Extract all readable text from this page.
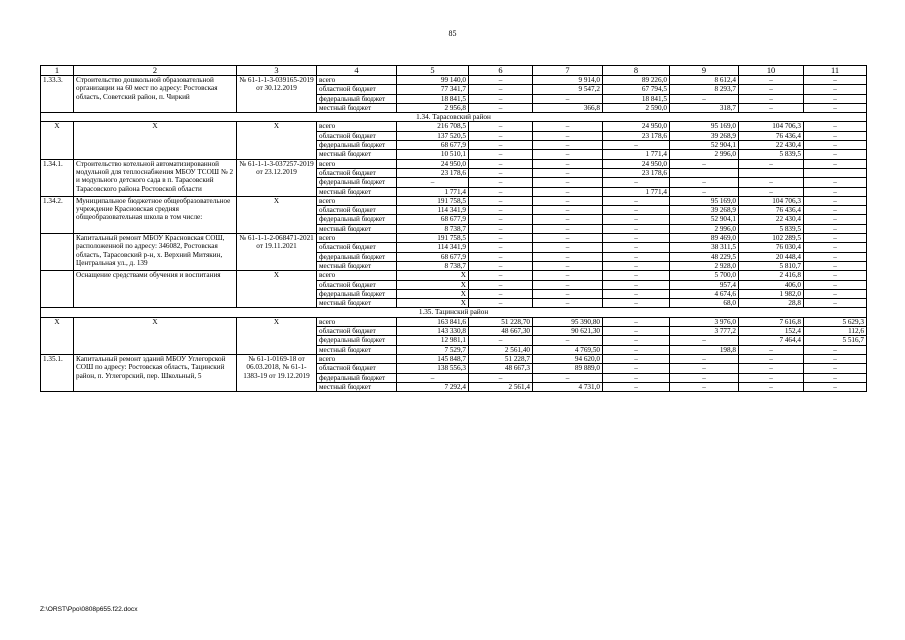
85
1	2	3	4	5	6	7	8	9	10	11
1.33.3.	Строительство дошкольной образовательной организации на 60 мест по адресу: Ростовская область, Советский район, п. Чиркий	№ 61-1-1-3-039165-2019 от 30.12.2019	всего	99 140,0	–	9 914,0	89 226,0	8 612,4	–	–
			областной бюджет	77 341,7	–	9 547,2	67 794,5	8 293,7	–	–
			федеральный бюджет	18 841,5	–	–	18 841,5	–	–	–
			местный бюджет	2 956,8	–	366,8	2 590,0	318,7	–	–
1.34. Тарасовский район										
Х	Х	Х	всего	216 708,5	–	–	24 950,0	95 169,0	104 706,3	–
			областной бюджет	137 520,5	–	–	23 178,6	39 268,9	76 436,4	–
			федеральный бюджет	68 677,9	–	–	–	52 904,1	22 430,4	–
			местный бюджет	10 510,1	–	–	1 771,4	2 996,0	5 839,5	–
1.34.1.	Строительство котельной автоматизированной модульной для теплоснабжения МБОУ ТСОШ № 2 и модульного детского сада в п. Тарасовский Тарасовского района Ростовской области	№ 61-1-1-3-037257-2019 от 23.12.2019	всего	24 950,0	–	–	24 950,0	–	–	–
			областной бюджет	23 178,6	–	–	23 178,6			
			федеральный бюджет	–	–	–	–	–	–	–
			местный бюджет	1 771,4	–	–	1 771,4	–	–	–
1.34.2.	Муниципальное бюджетное общеобразовательное учреждение Красновская средняя общеобразовательная школа в том числе:	Х	всего	191 758,5	–	–	–	95 169,0	104 706,3	–
			областной бюджет	114 341,9	–	–	–	39 268,9	76 436,4	–
			федеральный бюджет	68 677,9	–	–	–	52 904,1	22 430,4	–
			местный бюджет	8 738,7	–	–	–	2 996,0	5 839,5	–
	Капитальный ремонт МБОУ Красновская СОШ, расположенной по адресу: 346082, Ростовская область, Тарасовский р-н, х. Верхний Митякин, Центральная ул., д. 139	№ 61-1-1-2-068471-2021 от 19.11.2021	всего	191 758,5	–	–	–	89 469,0	102 289,5	–
			областной бюджет	114 341,9	–	–	–	38 311,5	76 030,4	–
			федеральный бюджет	68 677,9	–	–	–	48 229,5	20 448,4	–
			местный бюджет	8 738,7	–	–	–	2 928,0	5 810,7	–
	Оснащение средствами обучения и воспитания	Х	всего	Х	–	–	–	5 700,0	2 416,8	–
			областной бюджет	Х	–	–	–	957,4	406,0	–
			федеральный бюджет	Х	–	–	–	4 674,6	1 982,0	–
			местный бюджет	Х	–	–	–	68,0	28,8	–
1.35. Тацинский район										
Х	Х	Х	всего	163 841,6	51 228,70	95 390,80	–	3 976,0	7 616,8	5 629,3
			областной бюджет	143 330,8	48 667,30	90 621,30	–	3 777,2	152,4	112,6
			федеральный бюджет	12 981,1	–	–	–	–	7 464,4	5 516,7
			местный бюджет	7 529,7	2 561,40	4 769,50	–	198,8	–	–
1.35.1.	Капитальный ремонт зданий МБОУ Углегорской СОШ по адресу: Ростовская область, Тацинский район, п. Углегорский, пер. Школьный, 5	№ 61-1-0169-18 от 06.03.2018, № 61-1-1383-19 от 19.12.2019	всего	145 848,7	51 228,7	94 620,0	–	–	–	–
			областной бюджет	138 556,3	48 667,3	89 889,0	–	–	–	–
			федеральный бюджет	–	–	–	–	–	–	–
			местный бюджет	7 292,4	2 561,4	4 731,0	–	–	–	–
Z:\ORST\Ppo\0808p655.f22.docx
